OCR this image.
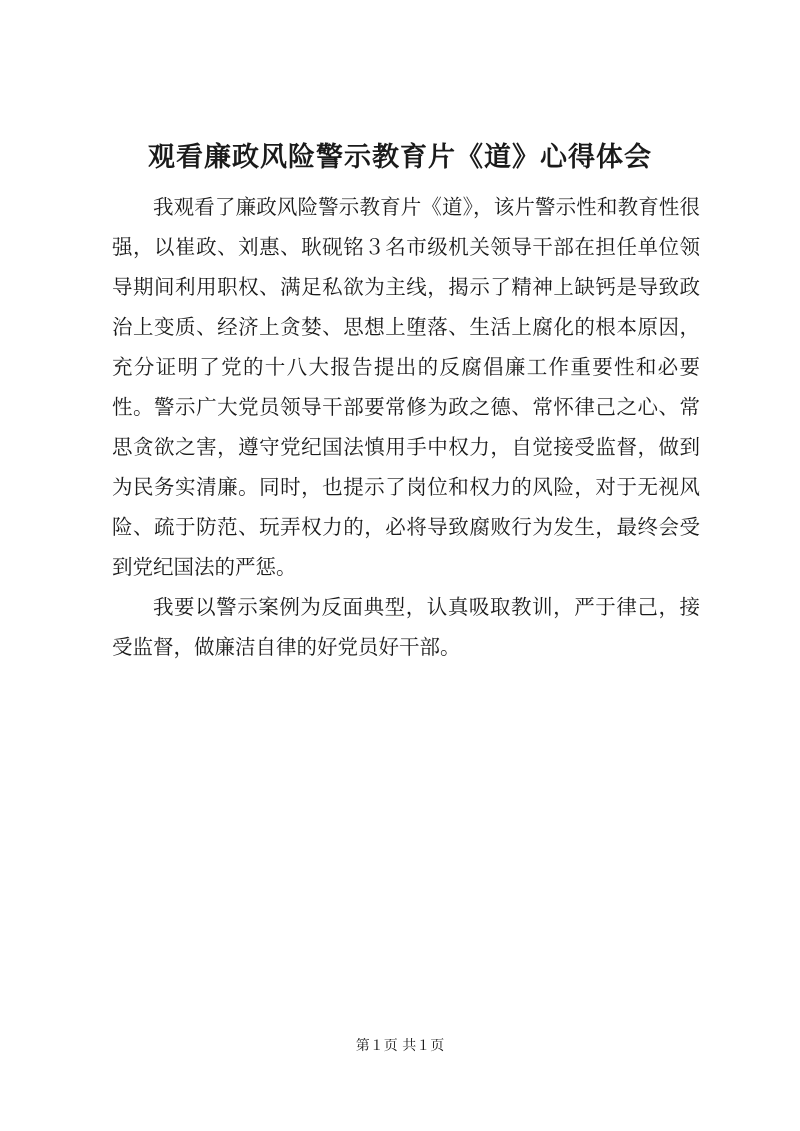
观看廉政风险警示教育片《道》心得体会

我观看了廉政风险警示教育片《道》，该片警示性和教育性很强，以崔政、刘惠、耿砚铭３名市级机关领导干部在担任单位领导期间利用职权、满足私欲为主线，揭示了精神上缺钙是导致政治上变质、经济上贪婪、思想上堕落、生活上腐化的根本原因，充分证明了党的十八大报告提出的反腐倡廉工作重要性和必要性。警示广大党员领导干部要常修为政之德、常怀律己之心、常思贪欲之害，遵守党纪国法慎用手中权力，自觉接受监督，做到为民务实清廉。同时，也提示了岗位和权力的风险，对于无视风险、疏于防范、玩弄权力的，必将导致腐败行为发生，最终会受到党纪国法的严惩。

我要以警示案例为反面典型，认真吸取教训，严于律己，接受监督，做廉洁自律的好党员好干部。

第１页 共１页
